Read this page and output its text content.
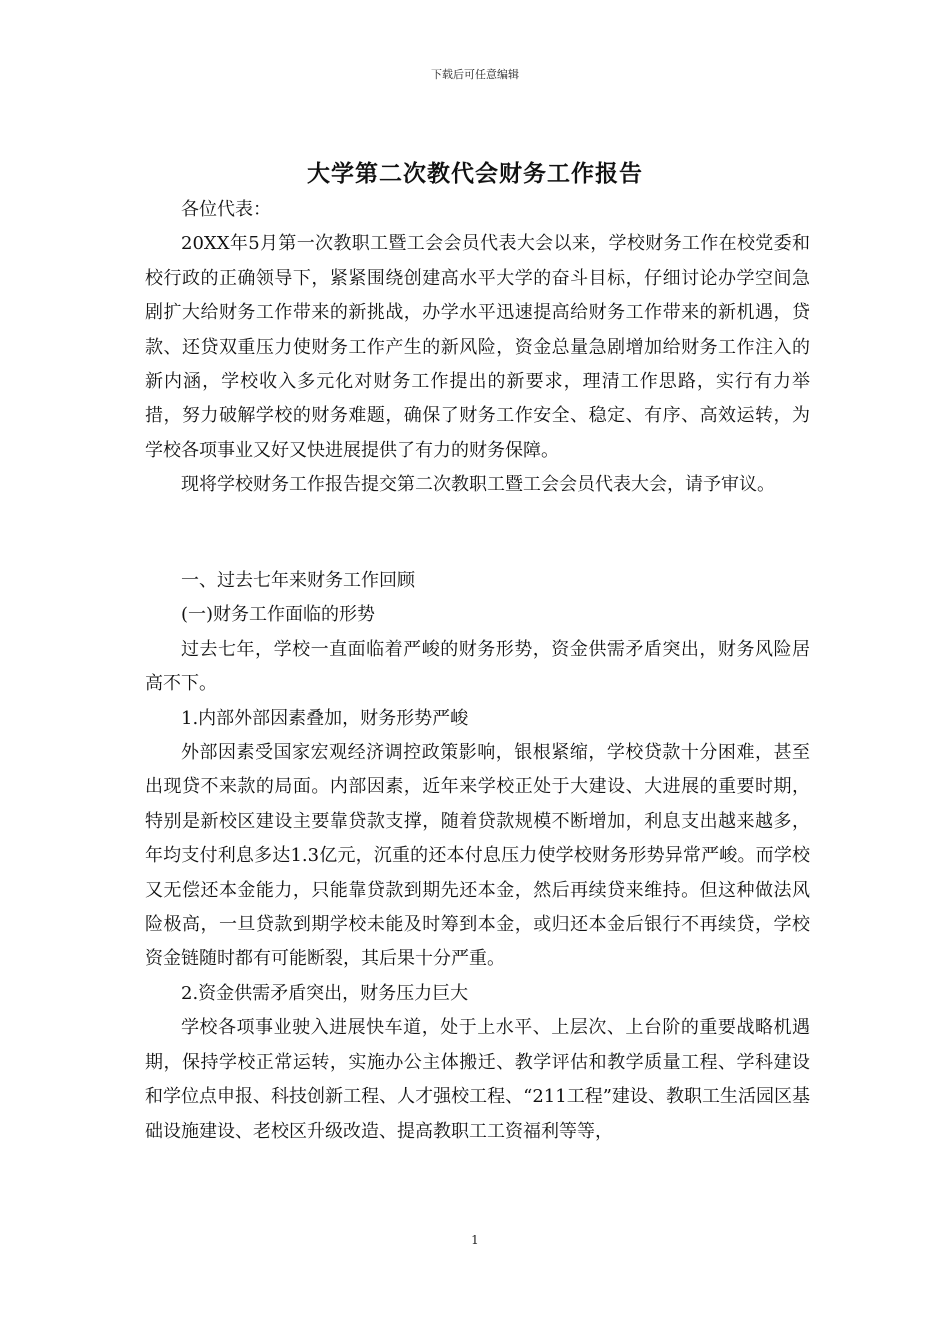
下载后可任意编辑
大学第二次教代会财务工作报告

各位代表：

20XX年5月第一次教职工暨工会会员代表大会以来，学校财务工作在校党委和校行政的正确领导下，紧紧围绕创建高水平大学的奋斗目标，仔细讨论办学空间急剧扩大给财务工作带来的新挑战，办学水平迅速提高给财务工作带来的新机遇，贷款、还贷双重压力使财务工作产生的新风险，资金总量急剧增加给财务工作注入的新内涵，学校收入多元化对财务工作提出的新要求，理清工作思路，实行有力举措，努力破解学校的财务难题，确保了财务工作安全、稳定、有序、高效运转，为学校各项事业又好又快进展提供了有力的财务保障。

现将学校财务工作报告提交第二次教职工暨工会会员代表大会，请予审议。

一、过去七年来财务工作回顾

(一)财务工作面临的形势

过去七年，学校一直面临着严峻的财务形势，资金供需矛盾突出，财务风险居高不下。

1.内部外部因素叠加，财务形势严峻

外部因素受国家宏观经济调控政策影响，银根紧缩，学校贷款十分困难，甚至出现贷不来款的局面。内部因素，近年来学校正处于大建设、大进展的重要时期，特别是新校区建设主要靠贷款支撑，随着贷款规模不断增加，利息支出越来越多，年均支付利息多达1.3亿元，沉重的还本付息压力使学校财务形势异常严峻。而学校又无偿还本金能力，只能靠贷款到期先还本金，然后再续贷来维持。但这种做法风险极高，一旦贷款到期学校未能及时筹到本金，或归还本金后银行不再续贷，学校资金链随时都有可能断裂，其后果十分严重。

2.资金供需矛盾突出，财务压力巨大

学校各项事业驶入进展快车道，处于上水平、上层次、上台阶的重要战略机遇期，保持学校正常运转，实施办公主体搬迁、教学评估和教学质量工程、学科建设和学位点申报、科技创新工程、人才强校工程、“211工程”建设、教职工生活园区基础设施建设、老校区升级改造、提高教职工工资福利等等，

1
